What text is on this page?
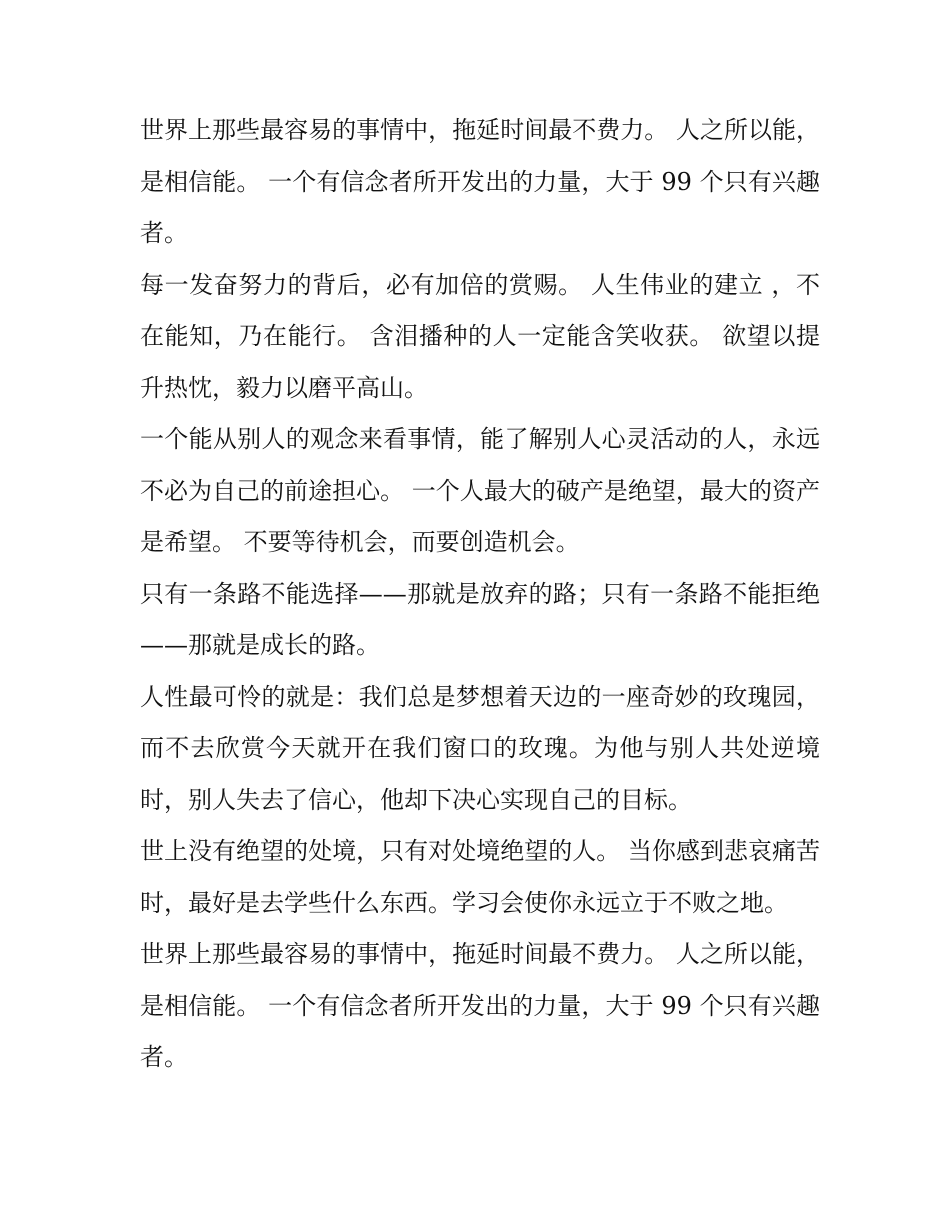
世界上那些最容易的事情中，拖延时间最不费力。 人之所以能，是相信能。 一个有信念者所开发出的力量，大于 99 个只有兴趣者。

每一发奋努力的背后，必有加倍的赏赐。 人生伟业的建立 ，不在能知，乃在能行。 含泪播种的人一定能含笑收获。 欲望以提升热忱，毅力以磨平高山。

一个能从别人的观念来看事情，能了解别人心灵活动的人，永远不必为自己的前途担心。 一个人最大的破产是绝望，最大的资产是希望。 不要等待机会，而要创造机会。

只有一条路不能选择——那就是放弃的路；只有一条路不能拒绝——那就是成长的路。

人性最可怜的就是：我们总是梦想着天边的一座奇妙的玫瑰园，而不去欣赏今天就开在我们窗口的玫瑰。为他与别人共处逆境时，别人失去了信心，他却下决心实现自己的目标。

世上没有绝望的处境，只有对处境绝望的人。 当你感到悲哀痛苦时，最好是去学些什么东西。学习会使你永远立于不败之地。

世界上那些最容易的事情中，拖延时间最不费力。 人之所以能，是相信能。 一个有信念者所开发出的力量，大于 99 个只有兴趣者。
